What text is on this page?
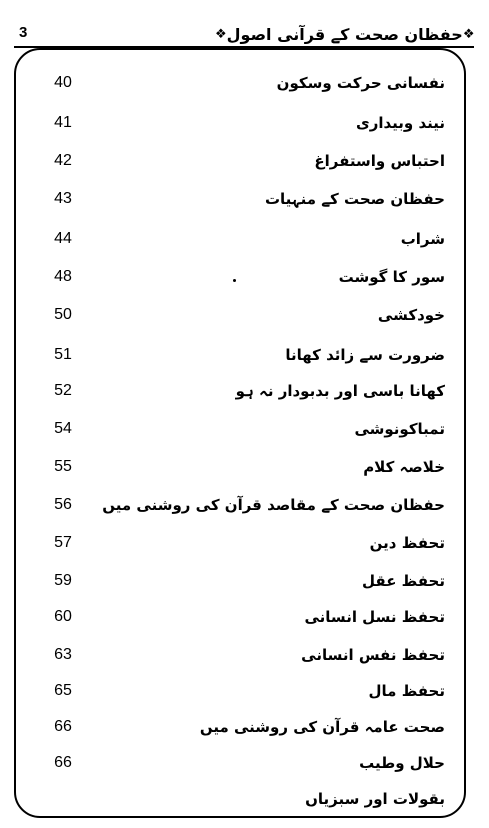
3	❖ حفظان صحت کے قرآنی اصول ❖
40	نفسانی حرکت وسکون
41	نیند وبیداری
42	احتباس واستفراغ
43	حفظان صحت کے منہیات
44	شراب
48	سور کا گوشت
50	خودکشی
51	ضرورت سے زائد کھانا
52	کھانا باسی اور بدبودار نہ ہو
54	تمباکونوشی
55	خلاصہ کلام
56	حفظان صحت کے مقاصد قرآن کی روشنی میں
57	تحفظ دین
59	تحفظ عقل
60	تحفظ نسل انسانی
63	تحفظ نفس انسانی
65	تحفظ مال
66	صحت عامہ قرآن کی روشنی میں
66	حلال وطیب
بقولات اور سبزیاں
